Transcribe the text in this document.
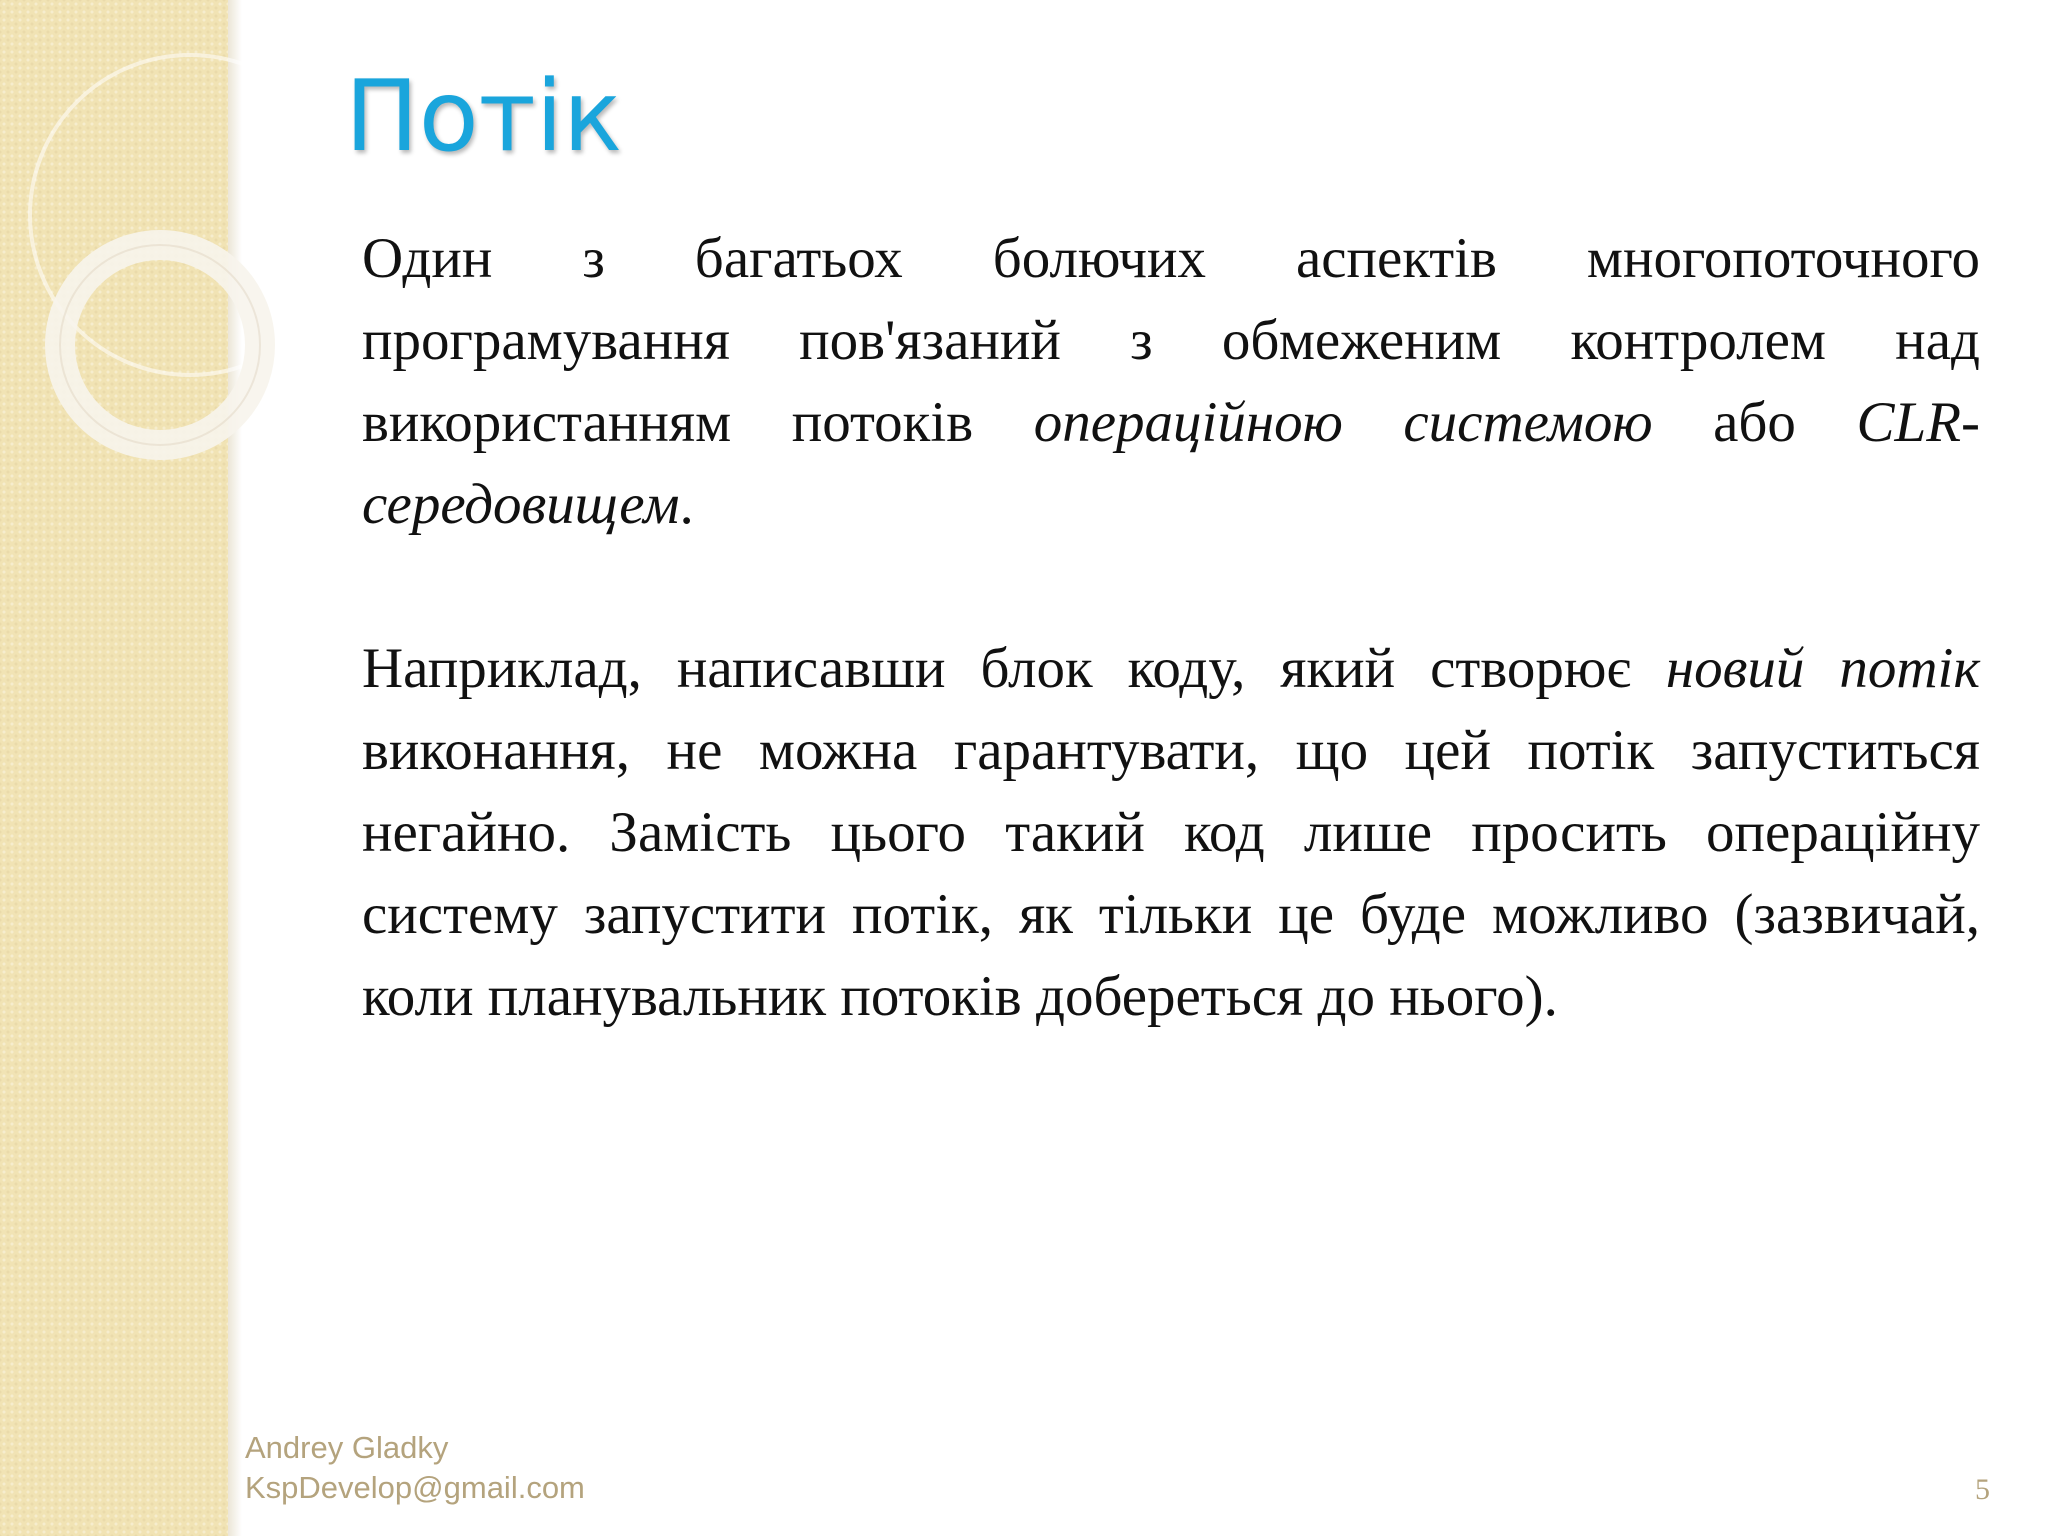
Потік

Один з багатьох болючих аспектів многопоточного програмування пов'язаний з обмеженим контролем над використанням потоків операційною системою або CLR-середовищем.

Наприклад, написавши блок коду, який створює новий потік виконання, не можна гарантувати, що цей потік запуститься негайно. Замість цього такий код лише просить операційну систему запустити потік, як тільки це буде можливо (зазвичай, коли планувальник потоків добереться до нього).

Andrey Gladky
KspDevelop@gmail.com	5
